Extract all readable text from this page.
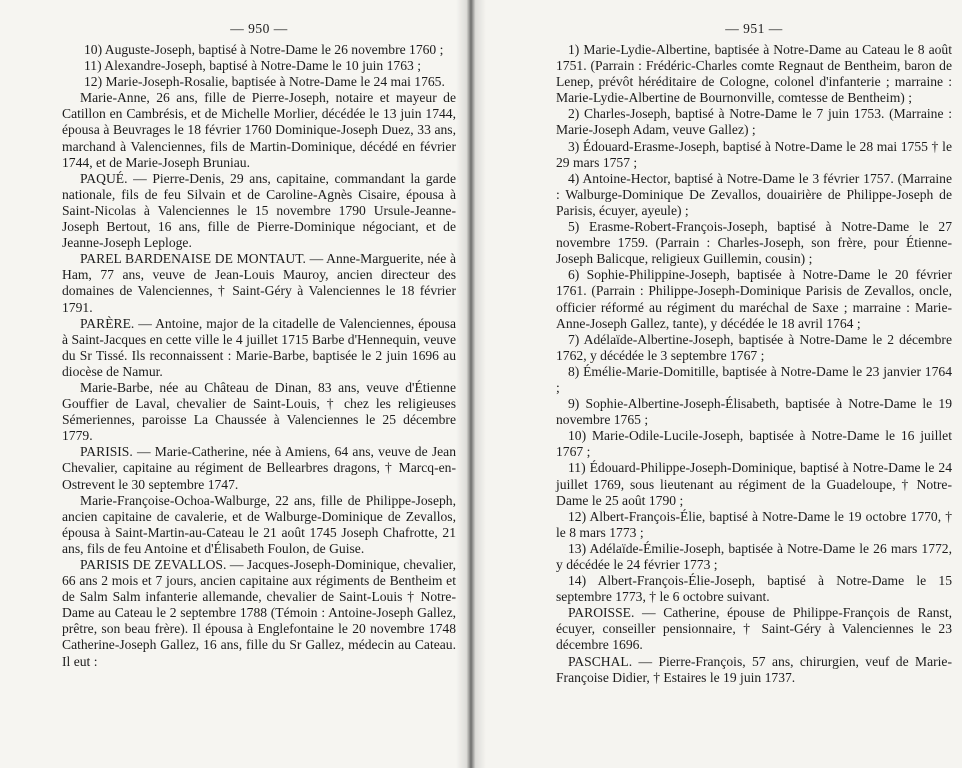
— 950 —

10) Auguste-Joseph, baptisé à Notre-Dame le 26 novembre 1760 ;

11) Alexandre-Joseph, baptisé à Notre-Dame le 10 juin 1763 ;

12) Marie-Joseph-Rosalie, baptisée à Notre-Dame le 24 mai 1765.

Marie-Anne, 26 ans, fille de Pierre-Joseph, notaire et mayeur de Catillon en Cambrésis, et de Michelle Morlier, décédée le 13 juin 1744, épousa à Beuvrages le 18 février 1760 Dominique-Joseph Duez, 33 ans, marchand à Valenciennes, fils de Martin-Dominique, décédé en février 1744, et de Marie-Joseph Bruniau.

PAQUÉ. — Pierre-Denis, 29 ans, capitaine, commandant la garde nationale, fils de feu Silvain et de Caroline-Agnès Cisaire, épousa à Saint-Nicolas à Valenciennes le 15 novembre 1790 Ursule-Jeanne-Joseph Bertout, 16 ans, fille de Pierre-Dominique négociant, et de Jeanne-Joseph Leploge.

PAREL BARDENAISE DE MONTAUT. — Anne-Marguerite, née à Ham, 77 ans, veuve de Jean-Louis Mauroy, ancien directeur des domaines de Valenciennes, † Saint-Géry à Valenciennes le 18 février 1791.

PARÈRE. — Antoine, major de la citadelle de Valenciennes, épousa à Saint-Jacques en cette ville le 4 juillet 1715 Barbe d'Hennequin, veuve du Sr Tissé. Ils reconnaissent : Marie-Barbe, baptisée le 2 juin 1696 au diocèse de Namur.

Marie-Barbe, née au Château de Dinan, 83 ans, veuve d'Étienne Gouffier de Laval, chevalier de Saint-Louis, † chez les religieuses Sémeriennes, paroisse La Chaussée à Valenciennes le 25 décembre 1779.

PARISIS. — Marie-Catherine, née à Amiens, 64 ans, veuve de Jean Chevalier, capitaine au régiment de Bellearbres dragons, † Marcq-en-Ostrevent le 30 septembre 1747.

Marie-Françoise-Ochoa-Walburge, 22 ans, fille de Philippe-Joseph, ancien capitaine de cavalerie, et de Walburge-Dominique de Zevallos, épousa à Saint-Martin-au-Cateau le 21 août 1745 Joseph Chafrotte, 21 ans, fils de feu Antoine et d'Élisabeth Foulon, de Guise.

PARISIS DE ZEVALLOS. — Jacques-Joseph-Dominique, chevalier, 66 ans 2 mois et 7 jours, ancien capitaine aux régiments de Bentheim et de Salm Salm infanterie allemande, chevalier de Saint-Louis † Notre-Dame au Cateau le 2 septembre 1788 (Témoin : Antoine-Joseph Gallez, prêtre, son beau frère). Il épousa à Englefontaine le 20 novembre 1748 Catherine-Joseph Gallez, 16 ans, fille du Sr Gallez, médecin au Cateau. Il eut :

— 951 —

1) Marie-Lydie-Albertine, baptisée à Notre-Dame au Cateau le 8 août 1751. (Parrain : Frédéric-Charles comte Regnaut de Bentheim, baron de Lenep, prévôt héréditaire de Cologne, colonel d'infanterie ; marraine : Marie-Lydie-Albertine de Bournonville, comtesse de Bentheim) ;

2) Charles-Joseph, baptisé à Notre-Dame le 7 juin 1753. (Marraine : Marie-Joseph Adam, veuve Gallez) ;

3) Édouard-Erasme-Joseph, baptisé à Notre-Dame le 28 mai 1755 † le 29 mars 1757 ;

4) Antoine-Hector, baptisé à Notre-Dame le 3 février 1757. (Marraine : Walburge-Dominique De Zevallos, douairière de Philippe-Joseph de Parisis, écuyer, ayeule) ;

5) Erasme-Robert-François-Joseph, baptisé à Notre-Dame le 27 novembre 1759. (Parrain : Charles-Joseph, son frère, pour Étienne-Joseph Balicque, religieux Guillemin, cousin) ;

6) Sophie-Philippine-Joseph, baptisée à Notre-Dame le 20 février 1761. (Parrain : Philippe-Joseph-Dominique Parisis de Zevallos, oncle, officier réformé au régiment du maréchal de Saxe ; marraine : Marie-Anne-Joseph Gallez, tante), y décédée le 18 avril 1764 ;

7) Adélaïde-Albertine-Joseph, baptisée à Notre-Dame le 2 décembre 1762, y décédée le 3 septembre 1767 ;

8) Émélie-Marie-Domitille, baptisée à Notre-Dame le 23 janvier 1764 ;

9) Sophie-Albertine-Joseph-Élisabeth, baptisée à Notre-Dame le 19 novembre 1765 ;

10) Marie-Odile-Lucile-Joseph, baptisée à Notre-Dame le 16 juillet 1767 ;

11) Édouard-Philippe-Joseph-Dominique, baptisé à Notre-Dame le 24 juillet 1769, sous lieutenant au régiment de la Guadeloupe, † Notre-Dame le 25 août 1790 ;

12) Albert-François-Élie, baptisé à Notre-Dame le 19 octobre 1770, † le 8 mars 1773 ;

13) Adélaïde-Émilie-Joseph, baptisée à Notre-Dame le 26 mars 1772, y décédée le 24 février 1773 ;

14) Albert-François-Élie-Joseph, baptisé à Notre-Dame le 15 septembre 1773, † le 6 octobre suivant.

PAROISSE. — Catherine, épouse de Philippe-François de Ranst, écuyer, conseiller pensionnaire, † Saint-Géry à Valenciennes le 23 décembre 1696.

PASCHAL. — Pierre-François, 57 ans, chirurgien, veuf de Marie-Françoise Didier, † Estaires le 19 juin 1737.
